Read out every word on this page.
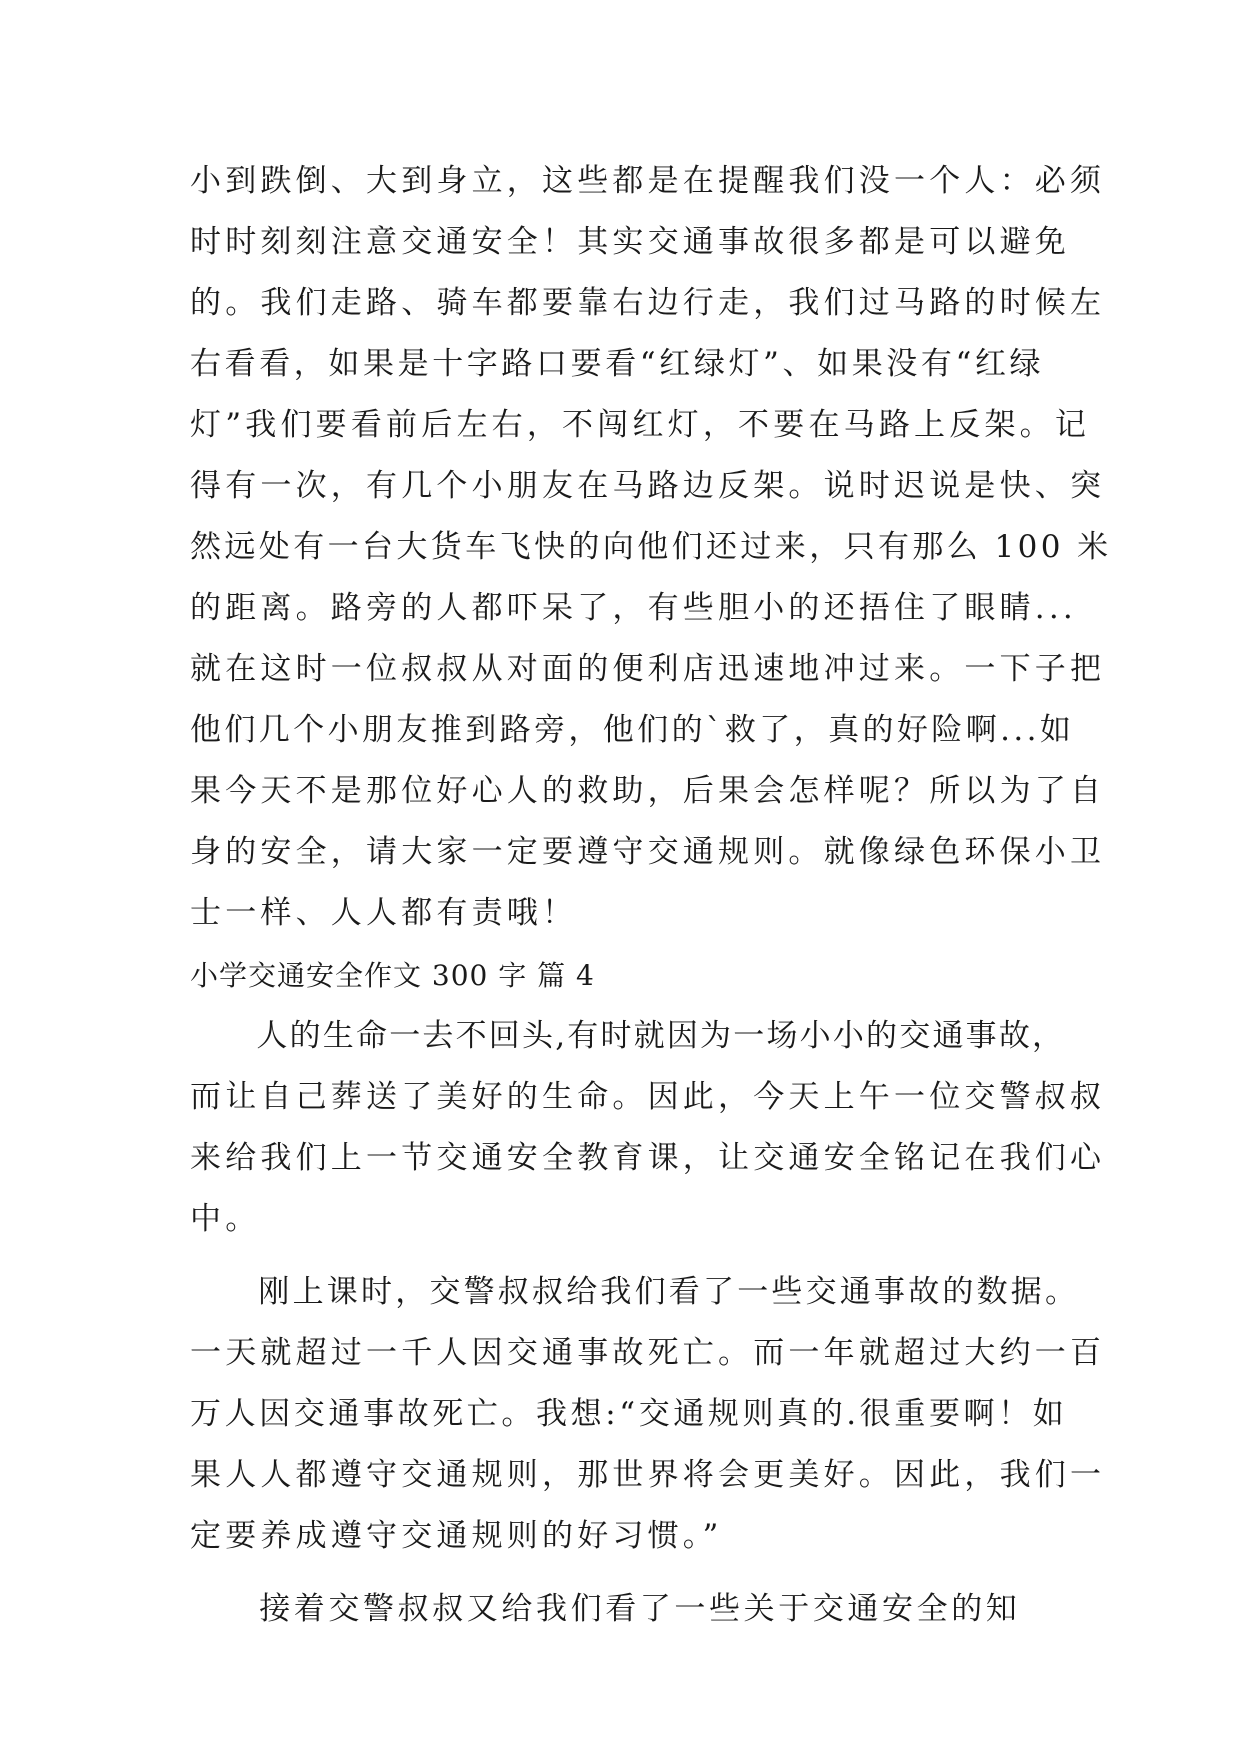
小到跌倒、大到身立，这些都是在提醒我们没一个人：必须
时时刻刻注意交通安全！其实交通事故很多都是可以避免
的。我们走路、骑车都要靠右边行走，我们过马路的时候左
右看看，如果是十字路口要看“红绿灯”、如果没有“红绿
灯”我们要看前后左右，不闯红灯，不要在马路上反架。记
得有一次，有几个小朋友在马路边反架。说时迟说是快、突
然远处有一台大货车飞快的向他们还过来，只有那么 100 米
的距离。路旁的人都吓呆了，有些胆小的还捂住了眼睛...
就在这时一位叔叔从对面的便利店迅速地冲过来。一下子把
他们几个小朋友推到路旁，他们的`救了，真的好险啊...如
果今天不是那位好心人的救助，后果会怎样呢？所以为了自
身的安全，请大家一定要遵守交通规则。就像绿色环保小卫
士一样、人人都有责哦！
小学交通安全作文 300 字 篇 4
　　人的生命一去不回头,有时就因为一场小小的交通事故，
而让自己葬送了美好的生命。因此，今天上午一位交警叔叔
来给我们上一节交通安全教育课，让交通安全铭记在我们心
中。
　　刚上课时，交警叔叔给我们看了一些交通事故的数据。
一天就超过一千人因交通事故死亡。而一年就超过大约一百
万人因交通事故死亡。我想:“交通规则真的.很重要啊！如
果人人都遵守交通规则，那世界将会更美好。因此，我们一
定要养成遵守交通规则的好习惯。”
　　接着交警叔叔又给我们看了一些关于交通安全的知
